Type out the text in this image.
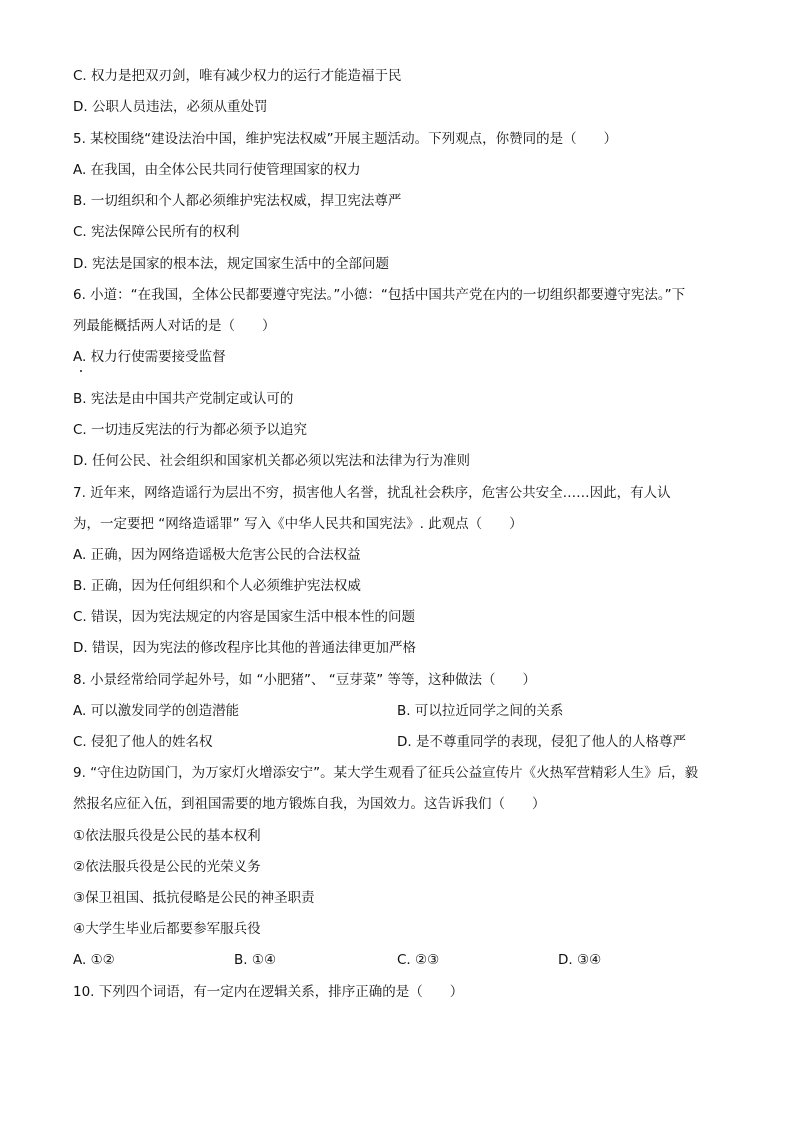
C. 权力是把双刃剑，唯有减少权力的运行才能造福于民
D. 公职人员违法，必须从重处罚
5. 某校围绕“建设法治中国，维护宪法权威”开展主题活动。下列观点，你赞同的是（　　）
A. 在我国，由全体公民共同行使管理国家的权力
B. 一切组织和个人都必须维护宪法权威，捍卫宪法尊严
C. 宪法保障公民所有的权利
D. 宪法是国家的根本法，规定国家生活中的全部问题
6. 小道：“在我国，全体公民都要遵守宪法。”小德：“包括中国共产党在内的一切组织都要遵守宪法。”下
列最能概括两人对话的是（　　）
A. 权力行使需要接受监督
B. 宪法是由中国共产党制定或认可的
C. 一切违反宪法的行为都必须予以追究
D. 任何公民、社会组织和国家机关都必须以宪法和法律为行为准则
7. 近年来，网络造谣行为层出不穷，损害他人名誉，扰乱社会秩序，危害公共安全……因此，有人认
为，一定要把 “网络造谣罪” 写入《中华人民共和国宪法》. 此观点（　　）
A. 正确，因为网络造谣极大危害公民的合法权益
B. 正确，因为任何组织和个人必须维护宪法权威
C. 错误，因为宪法规定的内容是国家生活中根本性的问题
D. 错误，因为宪法的修改程序比其他的普通法律更加严格
8. 小景经常给同学起外号，如 “小肥猪”、 “豆芽菜” 等等，这种做法（　　）
A. 可以激发同学的创造潜能	B. 可以拉近同学之间的关系
C. 侵犯了他人的姓名权	D. 是不尊重同学的表现，侵犯了他人的人格尊严
9. “守住边防国门，为万家灯火增添安宁”。某大学生观看了征兵公益宣传片《火热军营精彩人生》后，毅
然报名应征入伍，到祖国需要的地方锻炼自我，为国效力。这告诉我们（　　）
①依法服兵役是公民的基本权利
②依法服兵役是公民的光荣义务
③保卫祖国、抵抗侵略是公民的神圣职责
④大学生毕业后都要参军服兵役
A. ①②	B. ①④	C. ②③	D. ③④
10. 下列四个词语，有一定内在逻辑关系，排序正确的是（　　）
